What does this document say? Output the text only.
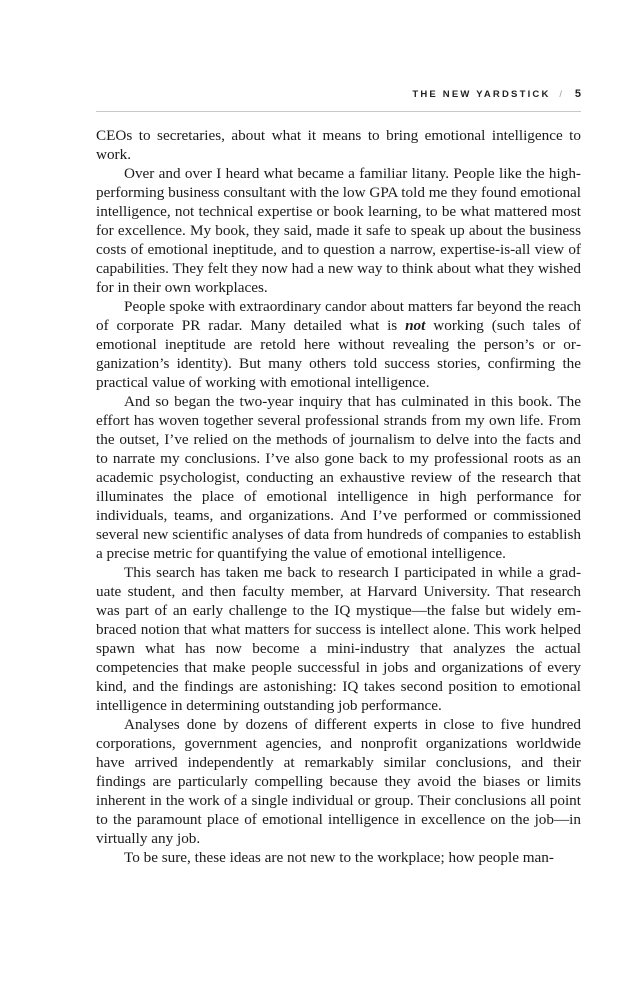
THE NEW YARDSTICK / 5

CEOs to secretaries, about what it means to bring emotional intelligence to work.

Over and over I heard what became a familiar litany. People like the high-performing business consultant with the low GPA told me they found emotional intelligence, not technical expertise or book learning, to be what mattered most for excellence. My book, they said, made it safe to speak up about the business costs of emotional ineptitude, and to question a narrow, expertise-is-all view of capabilities. They felt they now had a new way to think about what they wished for in their own workplaces.

People spoke with extraordinary candor about matters far beyond the reach of corporate PR radar. Many detailed what is not working (such tales of emotional ineptitude are retold here without revealing the person’s or organization’s identity). But many others told success stories, confirming the practical value of working with emotional intelligence.

And so began the two-year inquiry that has culminated in this book. The effort has woven together several professional strands from my own life. From the outset, I’ve relied on the methods of journalism to delve into the facts and to narrate my conclusions. I’ve also gone back to my professional roots as an academic psychologist, conducting an exhaustive review of the research that illuminates the place of emotional intelligence in high performance for individuals, teams, and organizations. And I’ve performed or commissioned several new scientific analyses of data from hundreds of companies to establish a precise metric for quantifying the value of emotional intelligence.

This search has taken me back to research I participated in while a graduate student, and then faculty member, at Harvard University. That research was part of an early challenge to the IQ mystique—the false but widely embraced notion that what matters for success is intellect alone. This work helped spawn what has now become a mini-industry that analyzes the actual competencies that make people successful in jobs and organizations of every kind, and the findings are astonishing: IQ takes second position to emotional intelligence in determining outstanding job performance.

Analyses done by dozens of different experts in close to five hundred corporations, government agencies, and nonprofit organizations worldwide have arrived independently at remarkably similar conclusions, and their findings are particularly compelling because they avoid the biases or limits inherent in the work of a single individual or group. Their conclusions all point to the paramount place of emotional intelligence in excellence on the job—in virtually any job.

To be sure, these ideas are not new to the workplace; how people man-
